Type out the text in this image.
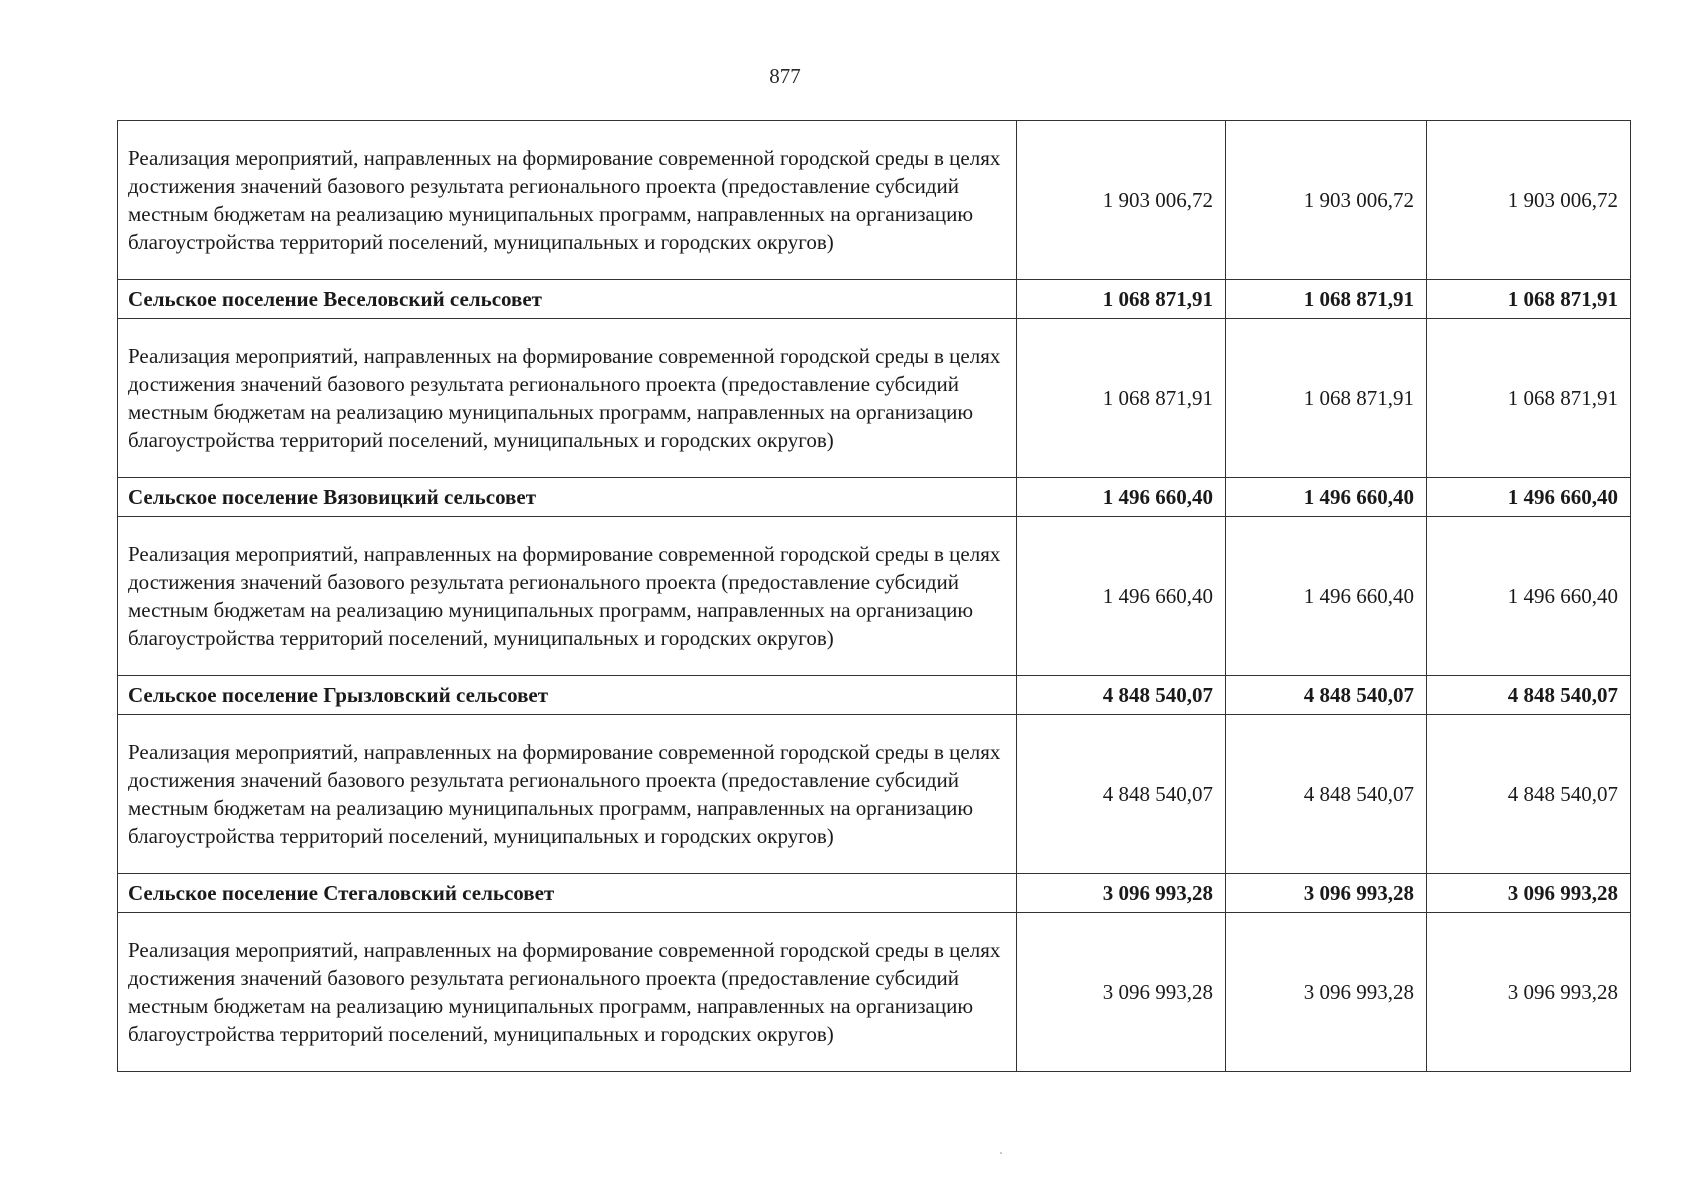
877
Реализация мероприятий, направленных на формирование современной городской среды в целях достижения значений базового результата регионального проекта (предоставление субсидий местным бюджетам на реализацию муниципальных программ, направленных на организацию благоустройства территорий поселений, муниципальных и городских округов)	1 903 006,72	1 903 006,72	1 903 006,72
Сельское поселение Веселовский сельсовет	1 068 871,91	1 068 871,91	1 068 871,91
Реализация мероприятий, направленных на формирование современной городской среды в целях достижения значений базового результата регионального проекта (предоставление субсидий местным бюджетам на реализацию муниципальных программ, направленных на организацию благоустройства территорий поселений, муниципальных и городских округов)	1 068 871,91	1 068 871,91	1 068 871,91
Сельское поселение Вязовицкий сельсовет	1 496 660,40	1 496 660,40	1 496 660,40
Реализация мероприятий, направленных на формирование современной городской среды в целях достижения значений базового результата регионального проекта (предоставление субсидий местным бюджетам на реализацию муниципальных программ, направленных на организацию благоустройства территорий поселений, муниципальных и городских округов)	1 496 660,40	1 496 660,40	1 496 660,40
Сельское поселение Грызловский сельсовет	4 848 540,07	4 848 540,07	4 848 540,07
Реализация мероприятий, направленных на формирование современной городской среды в целях достижения значений базового результата регионального проекта (предоставление субсидий местным бюджетам на реализацию муниципальных программ, направленных на организацию благоустройства территорий поселений, муниципальных и городских округов)	4 848 540,07	4 848 540,07	4 848 540,07
Сельское поселение Стегаловский сельсовет	3 096 993,28	3 096 993,28	3 096 993,28
Реализация мероприятий, направленных на формирование современной городской среды в целях достижения значений базового результата регионального проекта (предоставление субсидий местным бюджетам на реализацию муниципальных программ, направленных на организацию благоустройства территорий поселений, муниципальных и городских округов)	3 096 993,28	3 096 993,28	3 096 993,28
